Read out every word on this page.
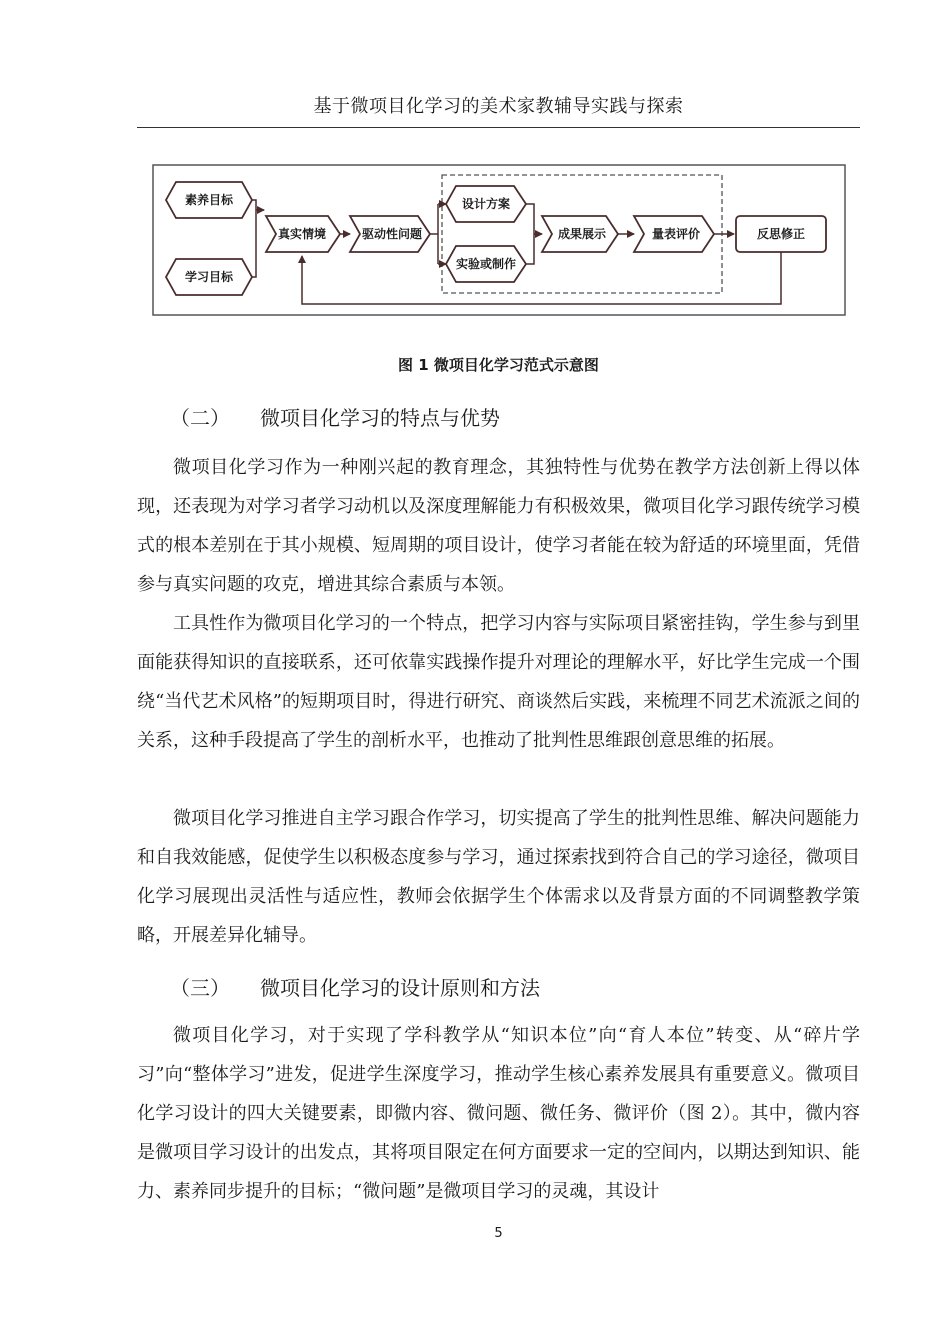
基于微项目化学习的美术家教辅导实践与探索
素养目标
学习目标
真实情境	驱动性问题
设计方案
实验或制作
成果展示	量表评价	反思修正
图 1 微项目化学习范式示意图
（二） 微项目化学习的特点与优势

微项目化学习作为一种刚兴起的教育理念，其独特性与优势在教学方法创新上得以体现，还表现为对学习者学习动机以及深度理解能力有积极效果，微项目化学习跟传统学习模式的根本差别在于其小规模、短周期的项目设计，使学习者能在较为舒适的环境里面，凭借参与真实问题的攻克，增进其综合素质与本领。

工具性作为微项目化学习的一个特点，把学习内容与实际项目紧密挂钩，学生参与到里面能获得知识的直接联系，还可依靠实践操作提升对理论的理解水平，好比学生完成一个围绕“当代艺术风格”的短期项目时，得进行研究、商谈然后实践，来梳理不同艺术流派之间的关系，这种手段提高了学生的剖析水平，也推动了批判性思维跟创意思维的拓展。

微项目化学习推进自主学习跟合作学习，切实提高了学生的批判性思维、解决问题能力和自我效能感，促使学生以积极态度参与学习，通过探索找到符合自己的学习途径，微项目化学习展现出灵活性与适应性，教师会依据学生个体需求以及背景方面的不同调整教学策略，开展差异化辅导。

（三） 微项目化学习的设计原则和方法

微项目化学习，对于实现了学科教学从“知识本位”向“育人本位”转变、从“碎片学习”向“整体学习”进发，促进学生深度学习，推动学生核心素养发展具有重要意义。微项目化学习设计的四大关键要素，即微内容、微问题、微任务、微评价（图 2）。其中，微内容是微项目学习设计的出发点，其将项目限定在何方面要求一定的空间内，以期达到知识、能力、素养同步提升的目标；“微问题”是微项目学习的灵魂，其设计

5
